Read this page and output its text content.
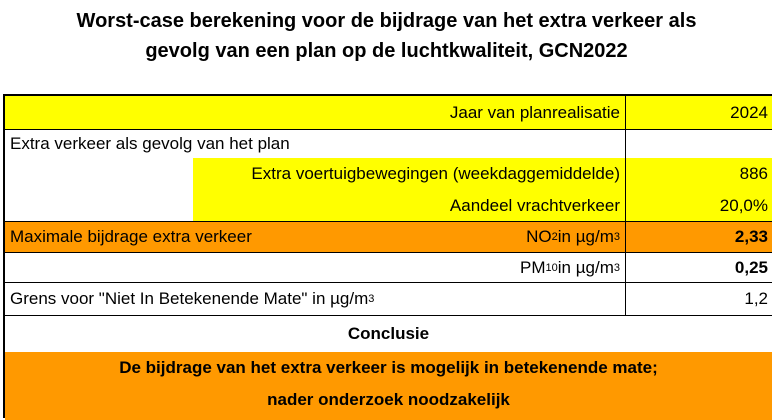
Worst-case berekening voor de bijdrage van het extra verkeer als
gevolg van een plan op de luchtkwaliteit, GCN2022
Jaar van planrealisatie	2024
Extra verkeer als gevolg van het plan
Extra voertuigbewegingen (weekdaggemiddelde)	886
Aandeel vrachtverkeer	20,0%
Maximale bijdrage extra verkeer	NO 2 in µg/m 3	2,33
PM 10 in µg/m 3	0,25
Grens voor "Niet In Betekenende Mate" in µg/m 3	1,2
Conclusie
De bijdrage van het extra verkeer is mogelijk in betekenende mate;
nader onderzoek noodzakelijk
